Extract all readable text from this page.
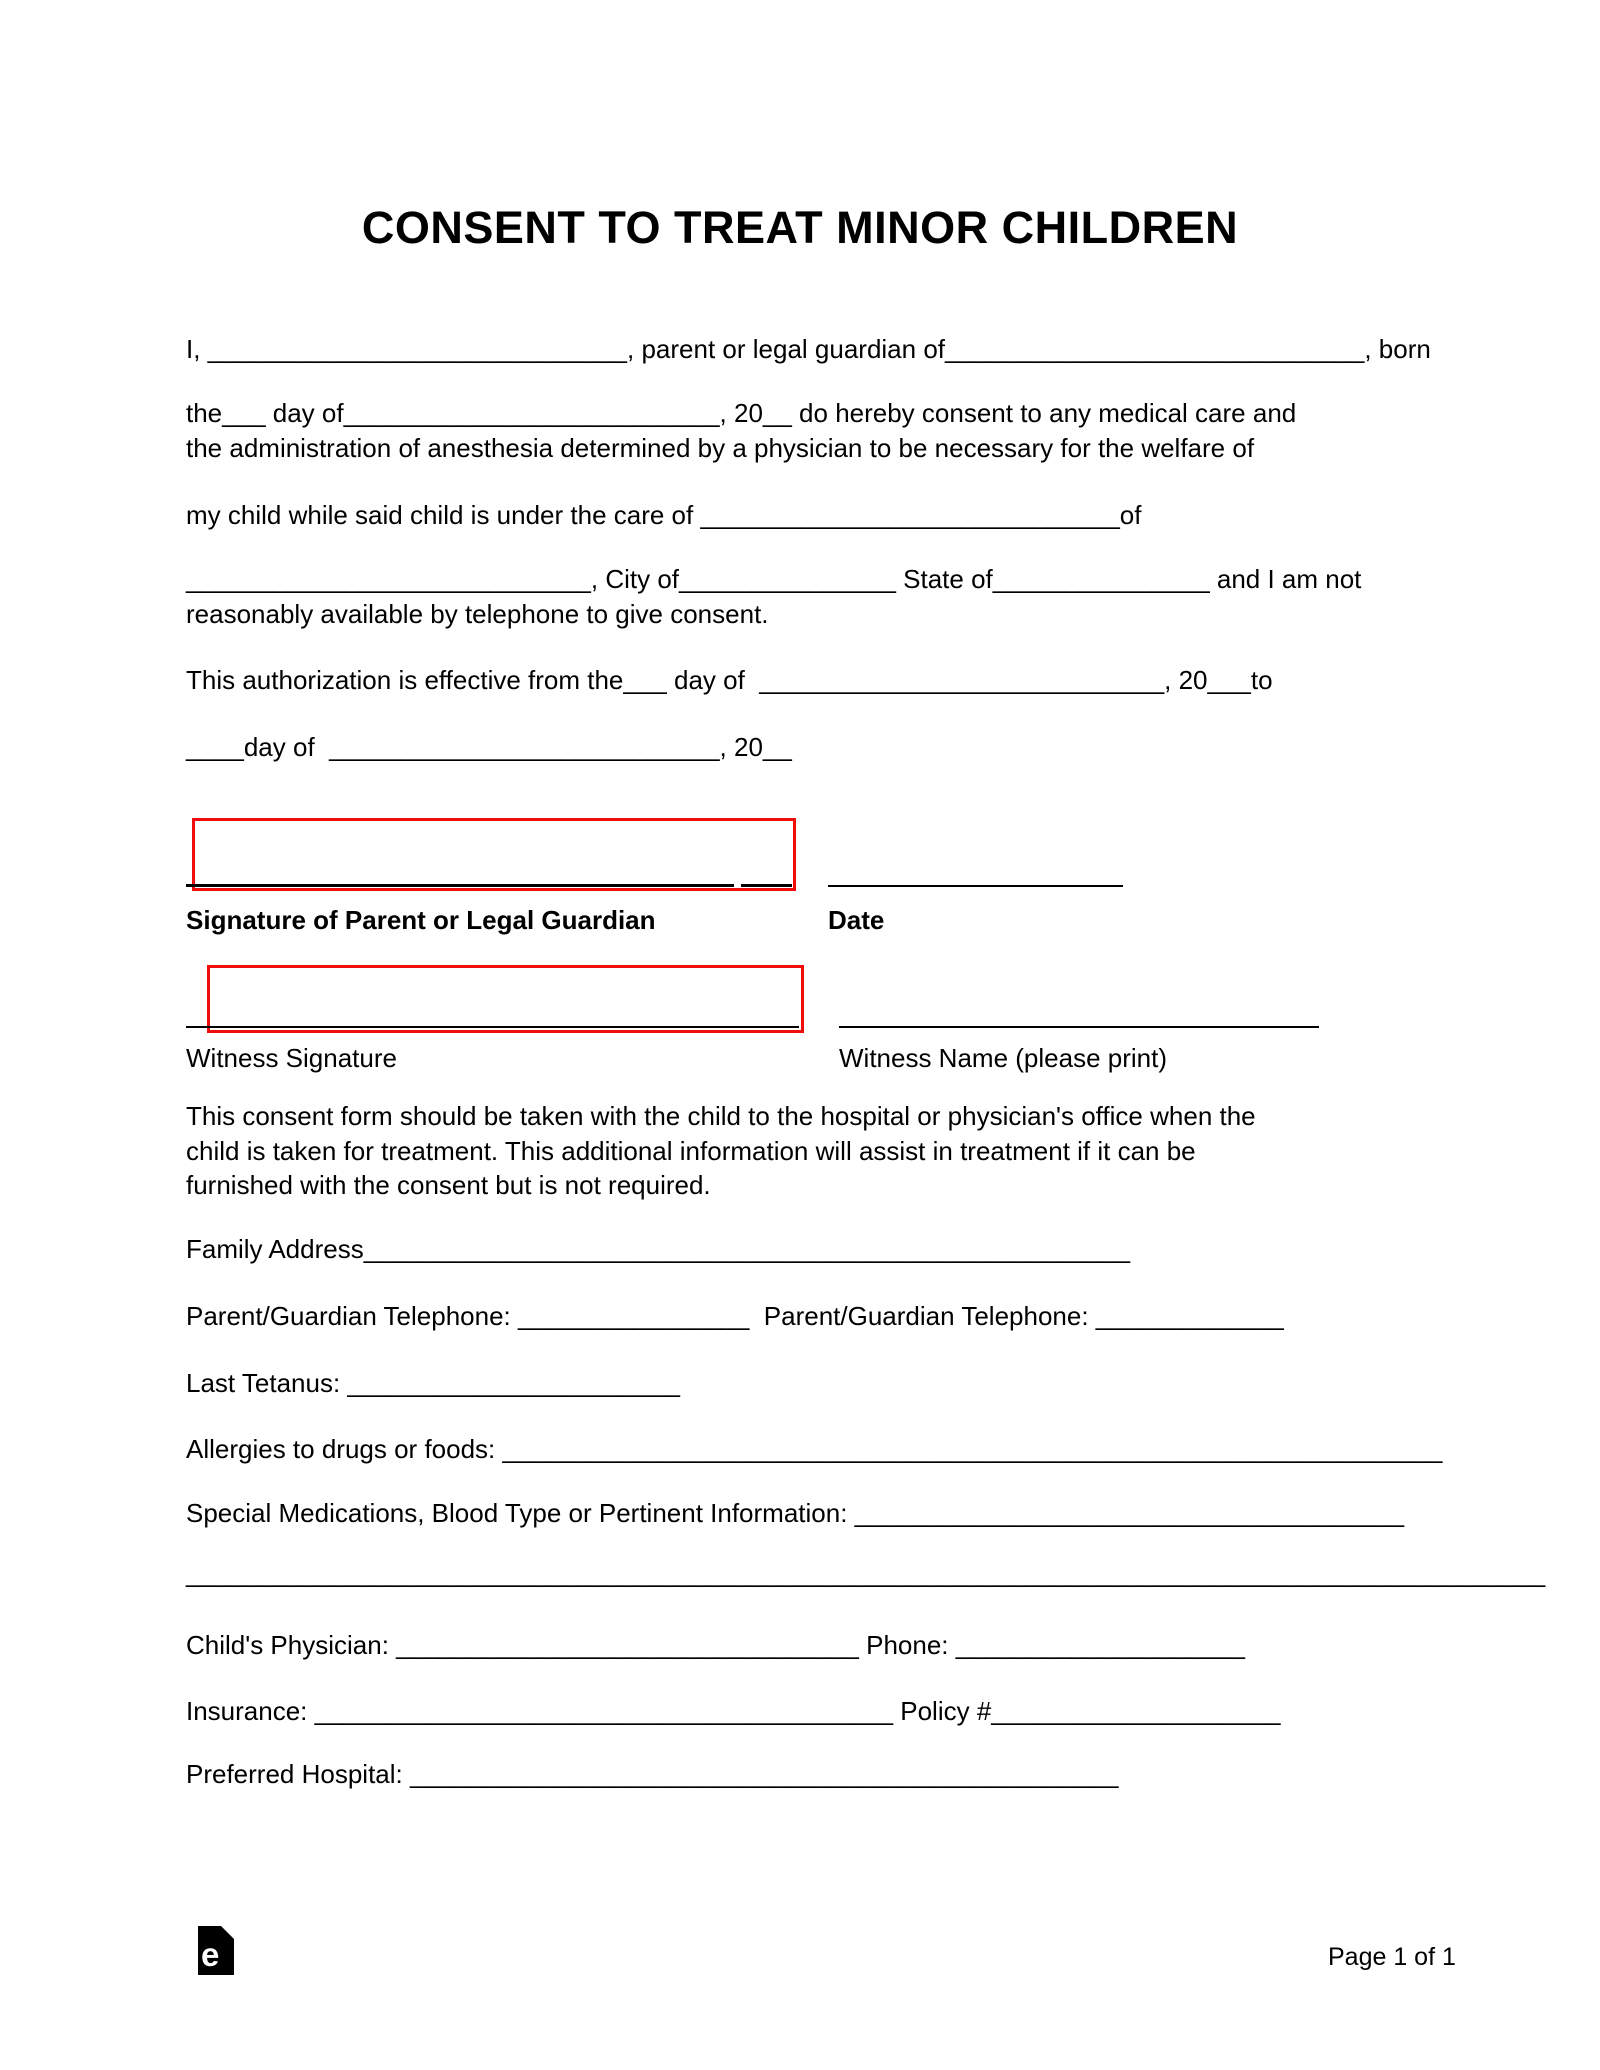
CONSENT TO TREAT MINOR CHILDREN
I, _____________________________, parent or legal guardian of_____________________________, born
the___ day of__________________________, 20__ do hereby consent to any medical care and
the administration of anesthesia determined by a physician to be necessary for the welfare of
my child while said child is under the care of _____________________________of
____________________________, City of_______________ State of_______________ and I am not
reasonably available by telephone to give consent.
This authorization is effective from the___ day of  ____________________________, 20___to
____day of  ___________________________, 20__
Signature of Parent or Legal Guardian	Date
Witness Signature	Witness Name (please print)
This consent form should be taken with the child to the hospital or physician's office when the
child is taken for treatment. This additional information will assist in treatment if it can be
furnished with the consent but is not required.
Family Address_____________________________________________________
Parent/Guardian Telephone: ________________  Parent/Guardian Telephone: _____________
Last Tetanus: _______________________
Allergies to drugs or foods: _________________________________________________________________
Special Medications, Blood Type or Pertinent Information: ______________________________________
______________________________________________________________________________________________
Child's Physician: ________________________________ Phone: ____________________
Insurance: ________________________________________ Policy #____________________
Preferred Hospital: _________________________________________________
e	Page 1 of 1
